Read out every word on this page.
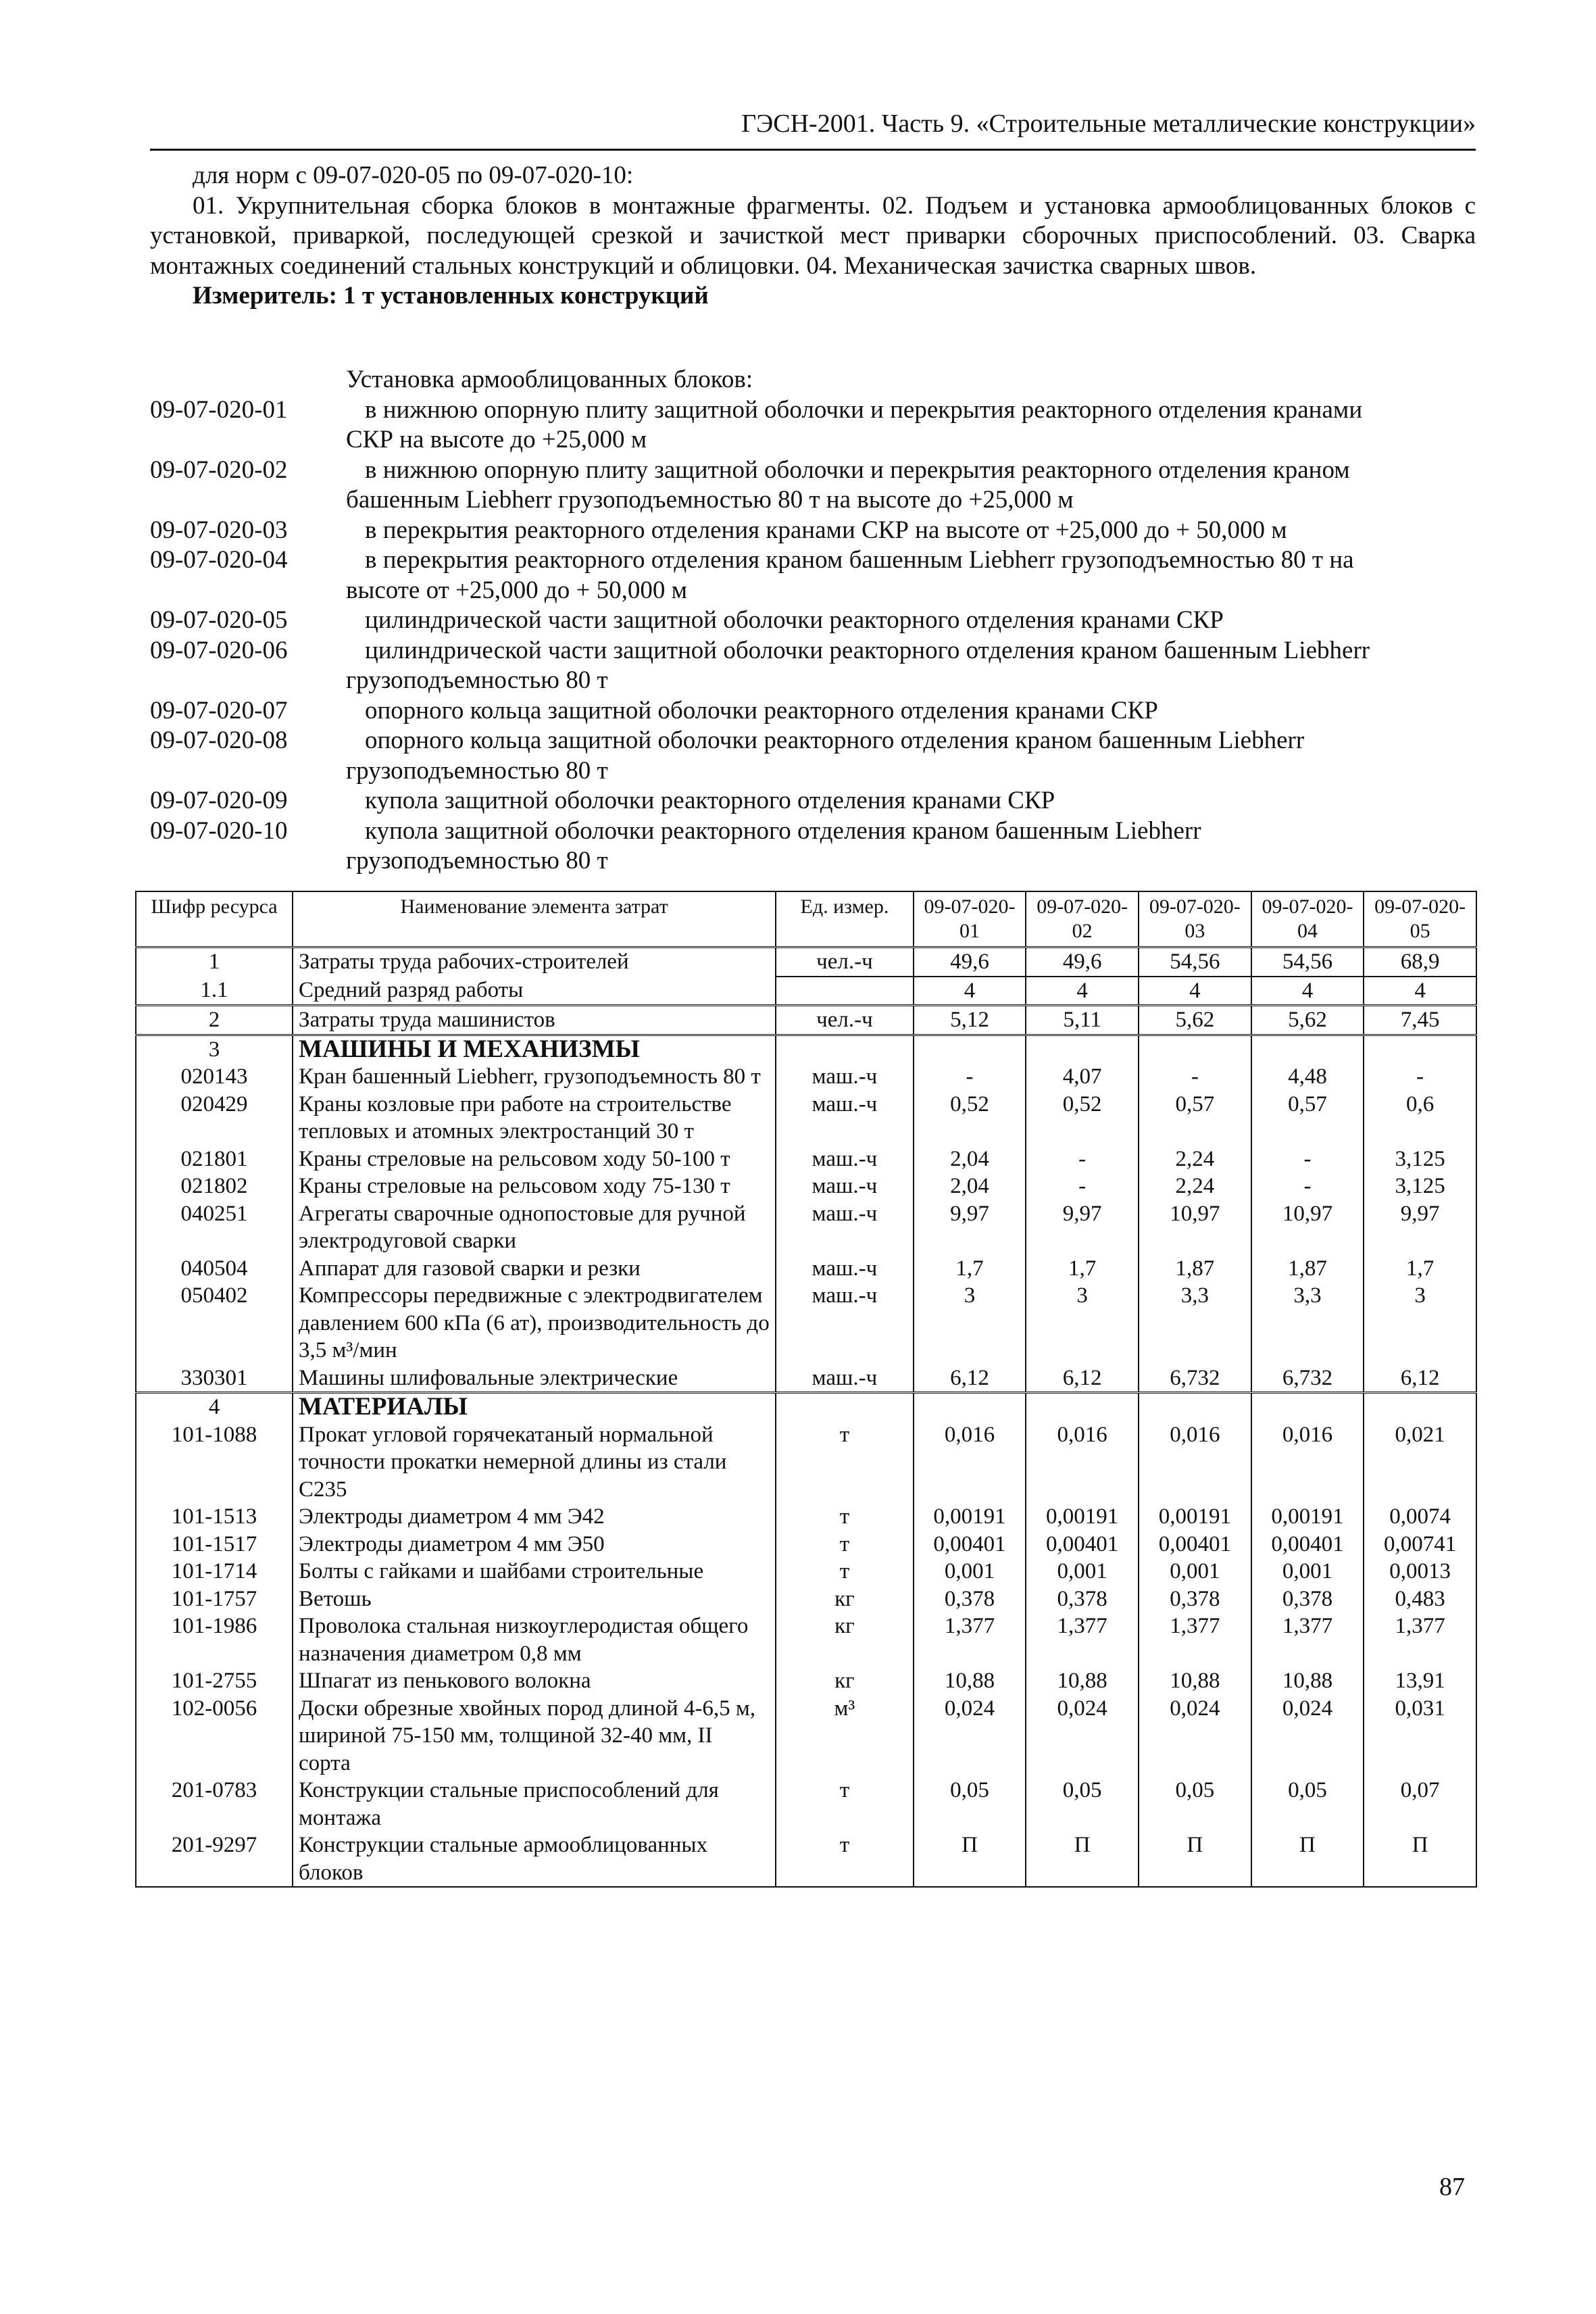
ГЭСН-2001. Часть 9. «Строительные металлические конструкции»

для норм с 09-07-020-05 по 09-07-020-10:

01. Укрупнительная сборка блоков в монтажные фрагменты. 02. Подъем и установка армооблицованных блоков с установкой, приваркой, последующей срезкой и зачисткой мест приварки сборочных приспособлений. 03. Сварка монтажных соединений стальных конструкций и облицовки. 04. Механическая зачистка сварных швов.

Измеритель: 1 т установленных конструкций

Установка армооблицованных блоков:
09-07-020-01	в нижнюю опорную плиту защитной оболочки и перекрытия реакторного отделения кранами
СКР на высоте до +25,000 м
09-07-020-02	в нижнюю опорную плиту защитной оболочки и перекрытия реакторного отделения краном
башенным Liebherr грузоподъемностью 80 т на высоте до +25,000 м
09-07-020-03	в перекрытия реакторного отделения кранами СКР на высоте от +25,000 до + 50,000 м
09-07-020-04	в перекрытия реакторного отделения краном башенным Liebherr грузоподъемностью 80 т на
высоте от +25,000 до + 50,000 м
09-07-020-05	цилиндрической части защитной оболочки реакторного отделения кранами СКР
09-07-020-06	цилиндрической части защитной оболочки реакторного отделения краном башенным Liebherr
грузоподъемностью 80 т
09-07-020-07	опорного кольца защитной оболочки реакторного отделения кранами СКР
09-07-020-08	опорного кольца защитной оболочки реакторного отделения краном башенным Liebherr
грузоподъемностью 80 т
09-07-020-09	купола защитной оболочки реакторного отделения кранами СКР
09-07-020-10	купола защитной оболочки реакторного отделения краном башенным Liebherr
грузоподъемностью 80 т
Шифр ресурса	Наименование элемента затрат	Ед. измер.	09-07-020-01	09-07-020-02	09-07-020-03	09-07-020-04	09-07-020-05
1	Затраты труда рабочих-строителей	чел.-ч	49,6	49,6	54,56	54,56	68,9
1.1	Средний разряд работы		4	4	4	4	4
2	Затраты труда машинистов	чел.-ч	5,12	5,11	5,62	5,62	7,45
3	МАШИНЫ И МЕХАНИЗМЫ						
020143	Кран башенный Liebherr, грузоподъемность 80 т	маш.-ч	-	4,07	-	4,48	-
020429	Краны козловые при работе на строительстве тепловых и атомных электростанций 30 т	маш.-ч	0,52	0,52	0,57	0,57	0,6
021801	Краны стреловые на рельсовом ходу 50-100 т	маш.-ч	2,04	-	2,24	-	3,125
021802	Краны стреловые на рельсовом ходу 75-130 т	маш.-ч	2,04	-	2,24	-	3,125
040251	Агрегаты сварочные однопостовые для ручной электродуговой сварки	маш.-ч	9,97	9,97	10,97	10,97	9,97
040504	Аппарат для газовой сварки и резки	маш.-ч	1,7	1,7	1,87	1,87	1,7
050402	Компрессоры передвижные с электродвигателем давлением 600 кПа (6 ат), производительность до 3,5 м³/мин	маш.-ч	3	3	3,3	3,3	3
330301	Машины шлифовальные электрические	маш.-ч	6,12	6,12	6,732	6,732	6,12
4	МАТЕРИАЛЫ						
101-1088	Прокат угловой горячекатаный нормальной точности прокатки немерной длины из стали С235	т	0,016	0,016	0,016	0,016	0,021
101-1513	Электроды диаметром 4 мм Э42	т	0,00191	0,00191	0,00191	0,00191	0,0074
101-1517	Электроды диаметром 4 мм Э50	т	0,00401	0,00401	0,00401	0,00401	0,00741
101-1714	Болты с гайками и шайбами строительные	т	0,001	0,001	0,001	0,001	0,0013
101-1757	Ветошь	кг	0,378	0,378	0,378	0,378	0,483
101-1986	Проволока стальная низкоуглеродистая общего назначения диаметром 0,8 мм	кг	1,377	1,377	1,377	1,377	1,377
101-2755	Шпагат из пенькового волокна	кг	10,88	10,88	10,88	10,88	13,91
102-0056	Доски обрезные хвойных пород длиной 4-6,5 м, шириной 75-150 мм, толщиной 32-40 мм, II сорта	м³	0,024	0,024	0,024	0,024	0,031
201-0783	Конструкции стальные приспособлений для монтажа	т	0,05	0,05	0,05	0,05	0,07
201-9297	Конструкции стальные армооблицованных блоков	т	П	П	П	П	П
87
